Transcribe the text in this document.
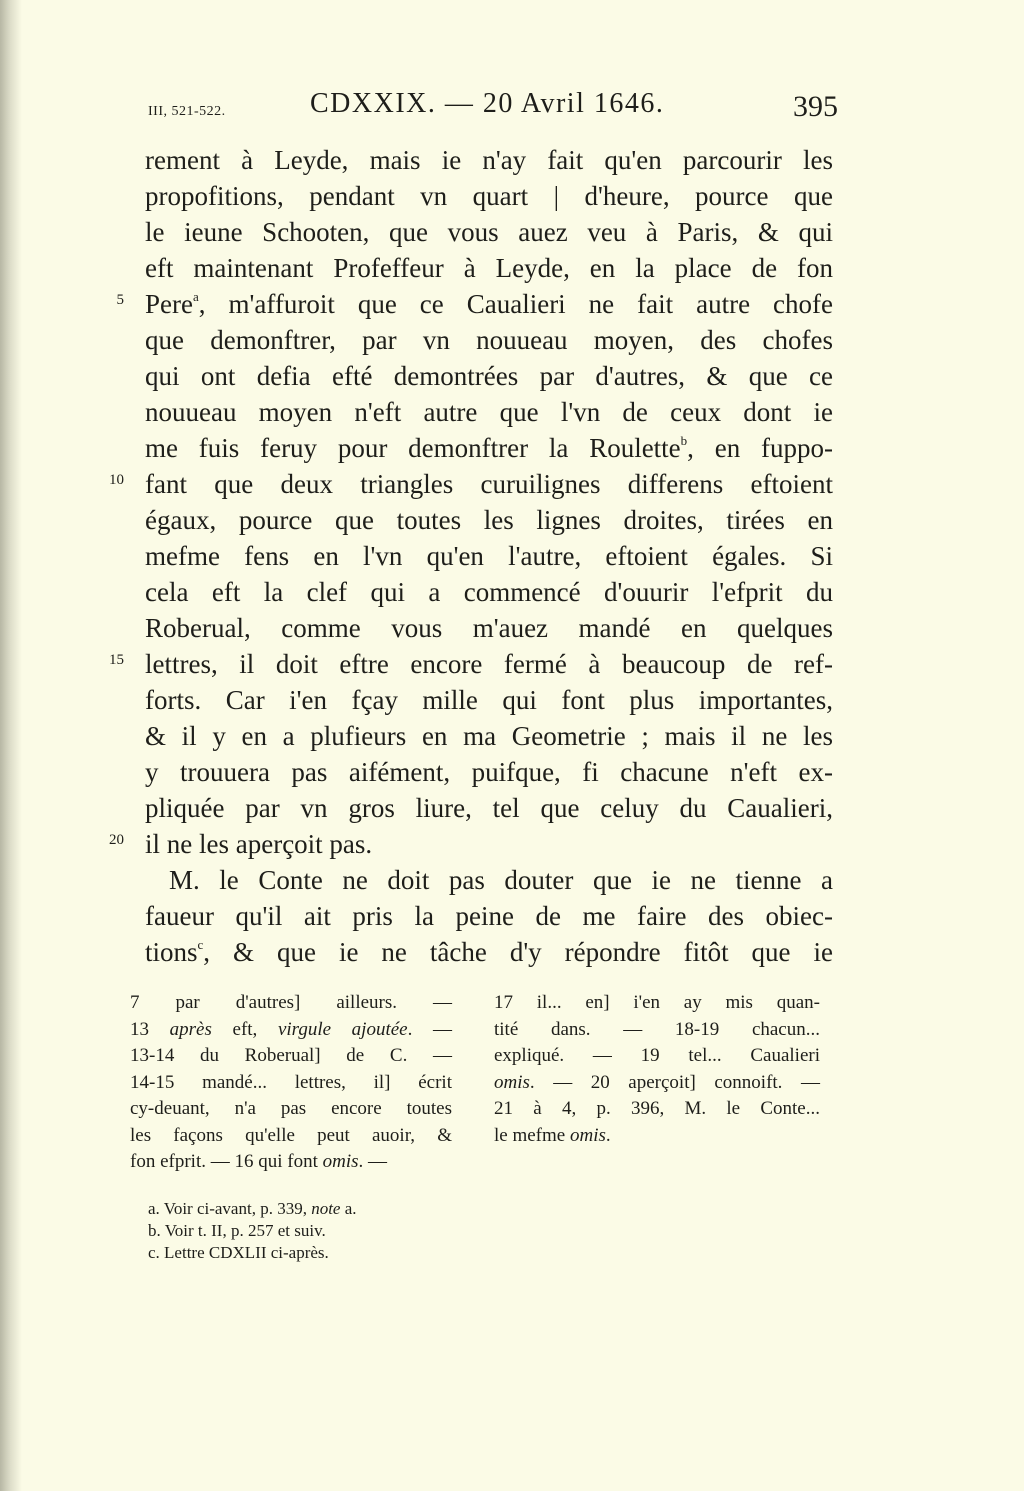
III, 521-522.	CDXXIX. — 20 Avril 1646.	395
rement à Leyde, mais ie n'ay fait qu'en parcourir les
propofitions, pendant vn quart | d'heure, pource que
le ieune Schooten, que vous auez veu à Paris, & qui
eft maintenant Profeffeur à Leyde, en la place de fon
Pere$^a$, m'affuroit que ce Caualieri ne fait autre chofe
que demonftrer, par vn nouueau moyen, des chofes
qui ont defia efté demontrées par d'autres, & que ce
nouueau moyen n'eft autre que l'vn de ceux dont ie
me fuis feruy pour demonftrer la Roulette$^b$, en fuppo-
fant que deux triangles curuilignes differens eftoient
égaux, pource que toutes les lignes droites, tirées en
mefme fens en l'vn qu'en l'autre, eftoient égales. Si
cela eft la clef qui a commencé d'ouurir l'efprit du
Roberual, comme vous m'auez mandé en quelques
lettres, il doit eftre encore fermé à beaucoup de ref-
forts. Car i'en fçay mille qui font plus importantes,
& il y en a plufieurs en ma Geometrie ; mais il ne les
y trouuera pas aifément, puifque, fi chacune n'eft ex-
pliquée par vn gros liure, tel que celuy du Caualieri,
il ne les aperçoit pas.
M. le Conte ne doit pas douter que ie ne tienne a
faueur qu'il ait pris la peine de me faire des obiec-
tions$^c$, & que ie ne tâche d'y répondre fitôt que ie
5
10
15
20
7 par d'autres] ailleurs. —
13 après eft, virgule ajoutée. —
13-14 du Roberual] de C. —
14-15 mandé... lettres, il] écrit
cy-deuant, n'a pas encore toutes
les façons qu'elle peut auoir, &
fon efprit. — 16 qui font omis. —
17 il... en] i'en ay mis quan-
tité dans. — 18-19 chacun...
expliqué. — 19 tel... Caualieri
omis. — 20 aperçoit] connoift. —
21 à 4, p. 396, M. le Conte...
le mefme omis.
a. Voir ci-avant, p. 339, note a.
b. Voir t. II, p. 257 et suiv.
c. Lettre CDXLII ci-après.
